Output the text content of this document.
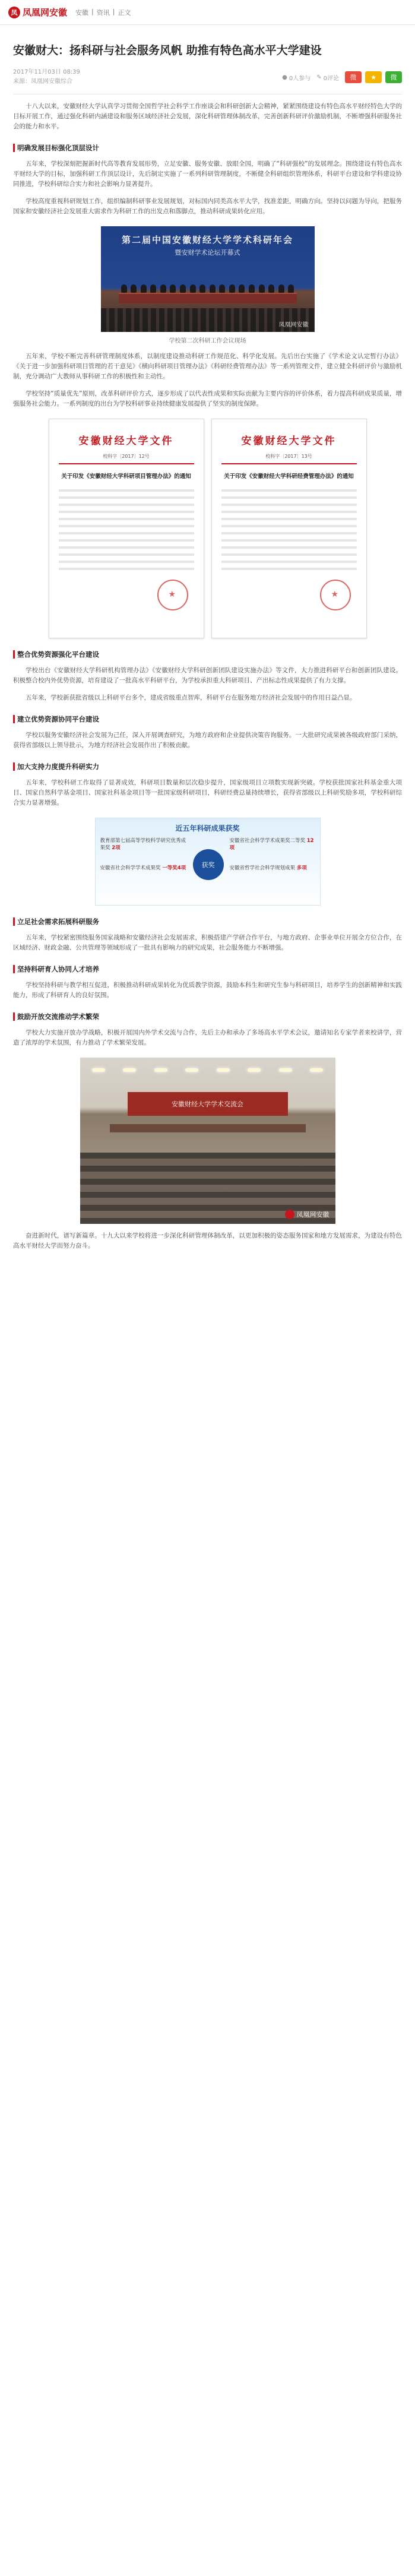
凤 凤凰网安徽 安徽 | 资讯 | 正文
安徽财大：扬科研与社会服务风帆 助推有特色高水平大学建设
2017年11月03日 08:39
来源：凤凰网安徽综合
● 0人参与 ✎ 0评论	微	★	微

十八大以来，安徽财经大学认真学习贯彻全国哲学社会科学工作座谈会和科研创新大会精神，紧紧围绕建设有特色高水平财经特色大学的目标开展工作，通过强化科研内涵建设和服务区域经济社会发展，深化科研管理体制改革，完善创新科研评价激励机制，不断增强科研服务社会的能力和水平。

明确发展目标强化顶层设计

五年来，学校深刻把握新时代高等教育发展形势，立足安徽、服务安徽、放眼全国，明确了“科研强校”的发展理念。围绕建设有特色高水平财经大学的目标，加强科研工作顶层设计，先后制定实施了一系列科研管理制度，不断健全科研组织管理体系，科研平台建设和学科建设协同推进，学校科研综合实力和社会影响力显著提升。

学校高度重视科研规划工作，组织编制科研事业发展规划，对标国内同类高水平大学，找准差距，明确方向。坚持以问题为导向，把服务国家和安徽经济社会发展重大需求作为科研工作的出发点和落脚点，推动科研成果转化应用。

第二届中国安徽财经大学学术科研年会
暨安财学术论坛开幕式
凤凰网安徽
学校第二次科研工作会议现场

五年来，学校不断完善科研管理制度体系，以制度建设推动科研工作规范化、科学化发展。先后出台实施了《学术论文认定暂行办法》《关于进一步加强科研项目管理的若干意见》《横向科研项目管理办法》《科研经费管理办法》等一系列管理文件，建立健全科研评价与激励机制，充分调动广大教师从事科研工作的积极性和主动性。

学校坚持“质量优先”原则，改革科研评价方式，逐步形成了以代表性成果和实际贡献为主要内容的评价体系，着力提高科研成果质量，增强服务社会能力。一系列制度的出台为学校科研事业持续健康发展提供了坚实的制度保障。

安徽财经大学文件
校科字〔2017〕12号
关于印发《安徽财经大学科研项目管理办法》的通知
★
安徽财经大学文件
校科字〔2017〕13号
关于印发《安徽财经大学科研经费管理办法》的通知
★
整合优势资源强化平台建设

学校出台《安徽财经大学科研机构管理办法》《安徽财经大学科研创新团队建设实施办法》等文件，大力推进科研平台和创新团队建设。积极整合校内外优势资源，培育建设了一批高水平科研平台，为学校承担重大科研项目、产出标志性成果提供了有力支撑。

五年来，学校新获批省级以上科研平台多个，建成省级重点智库，科研平台在服务地方经济社会发展中的作用日益凸显。

建立优势资源协同平台建设

学校以服务安徽经济社会发展为己任，深入开展调查研究，为地方政府和企业提供决策咨询服务。一大批研究成果被各级政府部门采纳，获得省部级以上领导批示，为地方经济社会发展作出了积极贡献。

加大支持力度提升科研实力

五年来，学校科研工作取得了显著成效，科研项目数量和层次稳步提升，国家级项目立项数实现新突破。学校获批国家社科基金重大项目、国家自然科学基金项目、国家社科基金项目等一批国家级科研项目，科研经费总量持续增长，获得省部级以上科研奖励多项，学校科研综合实力显著增强。

近五年科研成果获奖
获奖
教育部第七届高等学校科学研究优秀成果奖 2项
安徽省社会科学学术成果奖 一等奖4项
安徽省社会科学学术成果奖二等奖 12项
安徽省哲学社会科学规划成果 多项
立足社会需求拓展科研服务

五年来，学校紧密围绕服务国家战略和安徽经济社会发展需求，积极搭建产学研合作平台，与地方政府、企事业单位开展全方位合作，在区域经济、财政金融、公共管理等领域形成了一批具有影响力的研究成果，社会服务能力不断增强。

坚持科研育人协同人才培养

学校坚持科研与教学相互促进，积极推动科研成果转化为优质教学资源，鼓励本科生和研究生参与科研项目，培养学生的创新精神和实践能力，形成了科研育人的良好氛围。

鼓励开放交流推动学术繁荣

学校大力实施开放办学战略，积极开展国内外学术交流与合作，先后主办和承办了多场高水平学术会议，邀请知名专家学者来校讲学，营造了浓厚的学术氛围，有力推动了学术繁荣发展。

安徽财经大学学术交流会
凤凰网安徽

奋进新时代，谱写新篇章。十九大以来学校将进一步深化科研管理体制改革，以更加积极的姿态服务国家和地方发展需求，为建设有特色高水平财经大学而努力奋斗。
